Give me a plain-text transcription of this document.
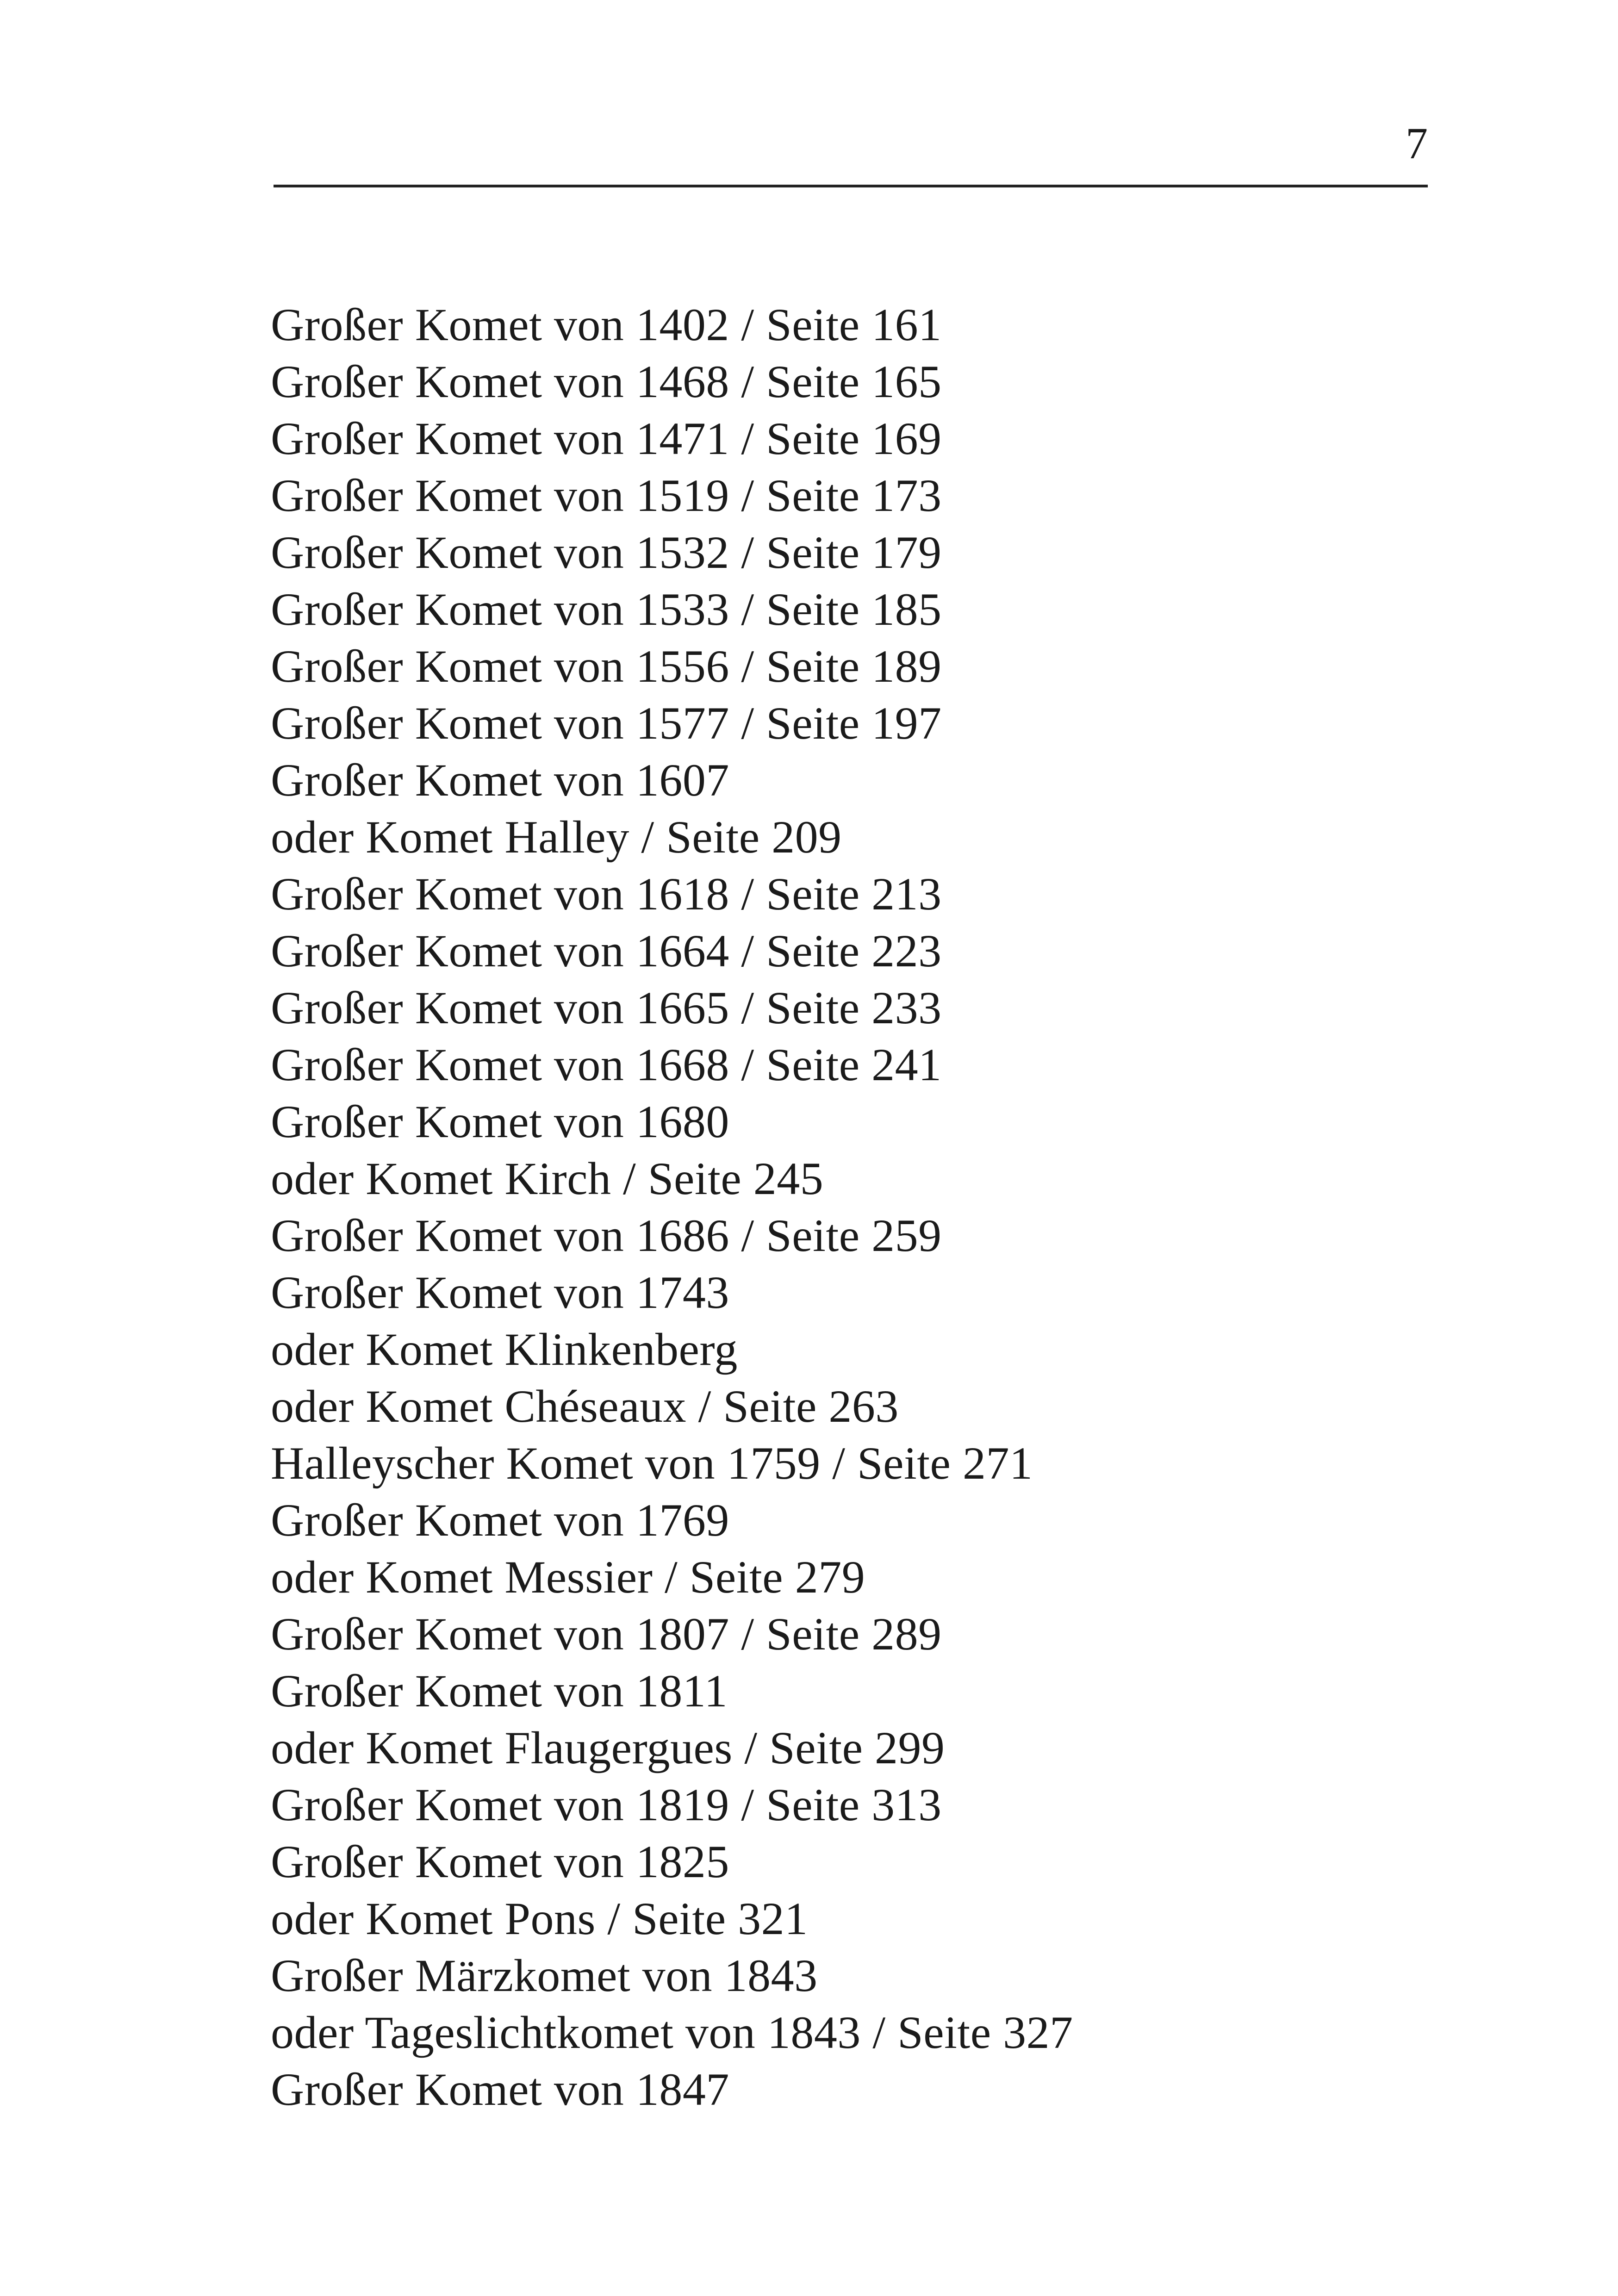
7
Großer Komet von 1402 / Seite 161
Großer Komet von 1468 / Seite 165
Großer Komet von 1471 / Seite 169
Großer Komet von 1519 / Seite 173
Großer Komet von 1532 / Seite 179
Großer Komet von 1533 / Seite 185
Großer Komet von 1556 / Seite 189
Großer Komet von 1577 / Seite 197
Großer Komet von 1607
oder Komet Halley / Seite 209
Großer Komet von 1618 / Seite 213
Großer Komet von 1664 / Seite 223
Großer Komet von 1665 / Seite 233
Großer Komet von 1668 / Seite 241
Großer Komet von 1680
oder Komet Kirch / Seite 245
Großer Komet von 1686 / Seite 259
Großer Komet von 1743
oder Komet Klinkenberg
oder Komet Chéseaux / Seite 263
Halleyscher Komet von 1759 / Seite 271
Großer Komet von 1769
oder Komet Messier / Seite 279
Großer Komet von 1807 / Seite 289
Großer Komet von 1811
oder Komet Flaugergues / Seite 299
Großer Komet von 1819 / Seite 313
Großer Komet von 1825
oder Komet Pons / Seite 321
Großer Märzkomet von 1843
oder Tageslichtkomet von 1843 / Seite 327
Großer Komet von 1847
